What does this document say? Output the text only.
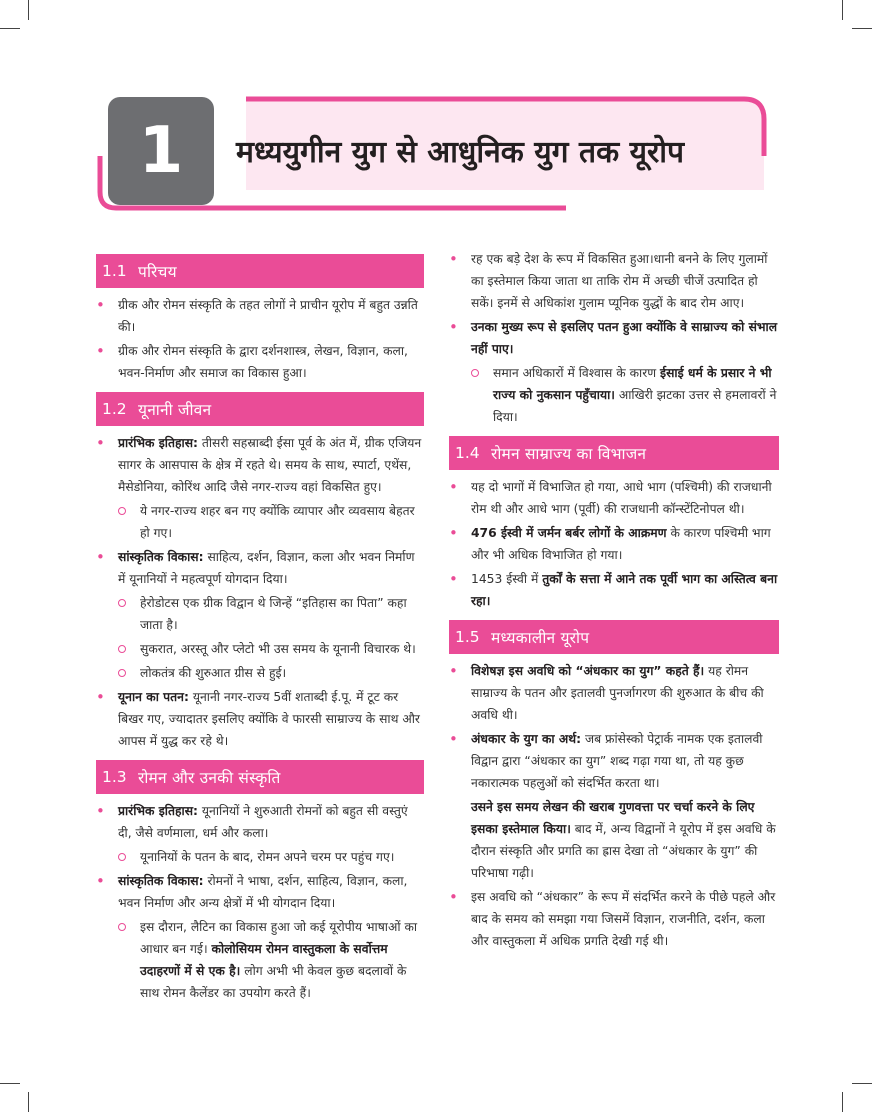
1	मध्ययुगीन युग से आधुनिक युग तक यूरोप
1.1 परिचय
• ग्रीक और रोमन संस्कृति के तहत लोगों ने प्राचीन यूरोप में बहुत उन्नति की।
• ग्रीक और रोमन संस्कृति के द्वारा दर्शनशास्त्र, लेखन, विज्ञान, कला, भवन-निर्माण और समाज का विकास हुआ।
1.2 यूनानी जीवन
• प्रारंभिक इतिहास: तीसरी सहस्राब्दी ईसा पूर्व के अंत में, ग्रीक एजियन सागर के आसपास के क्षेत्र में रहते थे। समय के साथ, स्पार्टा, एथेंस, मैसेडोनिया, कोरिंथ आदि जैसे नगर-राज्य वहां विकसित हुए।
ये नगर-राज्य शहर बन गए क्योंकि व्यापार और व्यवसाय बेहतर हो गए।
• सांस्कृतिक विकास: साहित्य, दर्शन, विज्ञान, कला और भवन निर्माण में यूनानियों ने महत्वपूर्ण योगदान दिया।
हेरोडोटस एक ग्रीक विद्वान थे जिन्हें “इतिहास का पिता” कहा जाता है।
सुकरात, अरस्तू और प्लेटो भी उस समय के यूनानी विचारक थे।
लोकतंत्र की शुरुआत ग्रीस से हुई।
• यूनान का पतन: यूनानी नगर-राज्य 5वीं शताब्दी ई.पू. में टूट कर बिखर गए, ज्यादातर इसलिए क्योंकि वे फारसी साम्राज्य के साथ और आपस में युद्ध कर रहे थे।
1.3 रोमन और उनकी संस्कृति
• प्रारंभिक इतिहास: यूनानियों ने शुरुआती रोमनों को बहुत सी वस्तुएं दी, जैसे वर्णमाला, धर्म और कला।
यूनानियों के पतन के बाद, रोमन अपने चरम पर पहुंच गए।
• सांस्कृतिक विकास: रोमनों ने भाषा, दर्शन, साहित्य, विज्ञान, कला, भवन निर्माण और अन्य क्षेत्रों में भी योगदान दिया।
इस दौरान, लैटिन का विकास हुआ जो कई यूरोपीय भाषाओं का आधार बन गई। कोलोसियम रोमन वास्तुकला के सर्वोत्तम उदाहरणों में से एक है। लोग अभी भी केवल कुछ बदलावों के साथ रोमन कैलेंडर का उपयोग करते हैं।
• रह एक बड़े देश के रूप में विकसित हुआ।धानी बनने के लिए गुलामों का इस्तेमाल किया जाता था ताकि रोम में अच्छी चीजें उत्पादित हो सकें। इनमें से अधिकांश गुलाम प्यूनिक युद्धों के बाद रोम आए।
• उनका मुख्य रूप से इसलिए पतन हुआ क्योंकि वे साम्राज्य को संभाल नहीं पाए।
समान अधिकारों में विश्वास के कारण ईसाई धर्म के प्रसार ने भी राज्य को नुकसान पहुँचाया। आखिरी झटका उत्तर से हमलावरों ने दिया।
1.4 रोमन साम्राज्य का विभाजन
• यह दो भागों में विभाजित हो गया, आधे भाग (पश्चिमी) की राजधानी रोम थी और आधे भाग (पूर्वी) की राजधानी कॉन्स्टेंटिनोपल थी।
• 476 ईस्वी में जर्मन बर्बर लोगों के आक्रमण के कारण पश्चिमी भाग और भी अधिक विभाजित हो गया।
• 1453 ईस्वी में तुर्कों के सत्ता में आने तक पूर्वी भाग का अस्तित्व बना रहा।
1.5 मध्यकालीन यूरोप
• विशेषज्ञ इस अवधि को “अंधकार का युग” कहते हैं। यह रोमन साम्राज्य के पतन और इतालवी पुनर्जागरण की शुरुआत के बीच की अवधि थी।
• अंधकार के युग का अर्थ: जब फ्रांसेस्को पेट्रार्क नामक एक इतालवी विद्वान द्वारा “अंधकार का युग” शब्द गढ़ा गया था, तो यह कुछ नकारात्मक पहलुओं को संदर्भित करता था।
उसने इस समय लेखन की खराब गुणवत्ता पर चर्चा करने के लिए इसका इस्तेमाल किया। बाद में, अन्य विद्वानों ने यूरोप में इस अवधि के दौरान संस्कृति और प्रगति का ह्रास देखा तो “अंधकार के युग” की परिभाषा गढ़ी।
• इस अवधि को “अंधकार” के रूप में संदर्भित करने के पीछे पहले और बाद के समय को समझा गया जिसमें विज्ञान, राजनीति, दर्शन, कला और वास्तुकला में अधिक प्रगति देखी गई थी।
